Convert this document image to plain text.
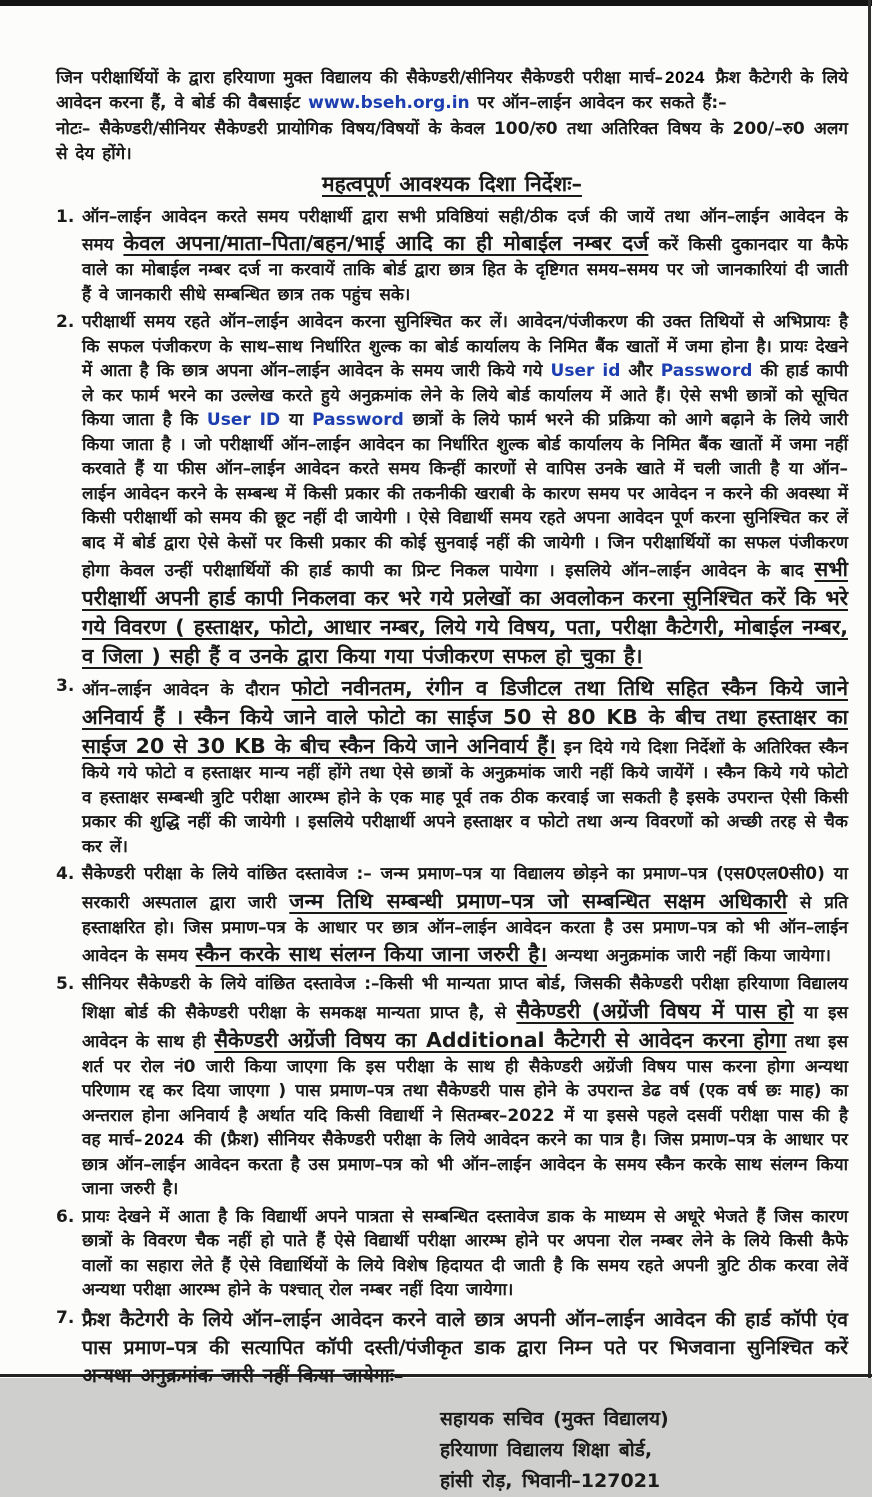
जिन परीक्षार्थियों के द्वारा हरियाणा मुक्त विद्यालय की सैकेण्डरी/सीनियर सैकेण्डरी परीक्षा मार्च– 2024 फ्रैश कैटेगरी के लिये आवेदन करना हैं, वे बोर्ड की वैबसाईट www.bseh.org.in पर ऑन–लाईन आवेदन कर सकते हैं:–

नोटः– सैकेण्डरी/सीनियर सैकेण्डरी प्रायोगिक विषय/विषयों के केवल 100/रु0 तथा अतिरिक्त विषय के 200/–रु0 अलग से देय होंगे।

महत्वपूर्ण आवश्यक दिशा निर्देशः–
1. ऑन–लाईन आवेदन करते समय परीक्षार्थी द्वारा सभी प्रविष्ठियां सही/ठीक दर्ज की जायें तथा ऑन–लाईन आवेदन के समय केवल अपना/माता–पिता/बहन/भाई आदि का ही मोबाईल नम्बर दर्ज करें किसी दुकानदार या कैफे वाले का मोबाईल नम्बर दर्ज ना करवायें ताकि बोर्ड द्वारा छात्र हित के दृष्टिगत समय–समय पर जो जानकारियां दी जाती हैं वे जानकारी सीधे सम्बन्धित छात्र तक पहुंच सके।
2. परीक्षार्थी समय रहते ऑन–लाईन आवेदन करना सुनिश्चित कर लें। आवेदन/पंजीकरण की उक्त तिथियों से अभिप्रायः है कि सफल पंजीकरण के साथ–साथ निर्धारित शुल्क का बोर्ड कार्यालय के निमित बैंक खातों में जमा होना है। प्रायः देखने में आता है कि छात्र अपना ऑन–लाईन आवेदन के समय जारी किये गये User id और Password की हार्ड कापी ले कर फार्म भरने का उल्लेख करते हुये अनुक्रमांक लेने के लिये बोर्ड कार्यालय में आते हैं। ऐसे सभी छात्रों को सूचित किया जाता है कि User ID या Password छात्रों के लिये फार्म भरने की प्रक्रिया को आगे बढ़ाने के लिये जारी किया जाता है । जो परीक्षार्थी ऑन–लाईन आवेदन का निर्धारित शुल्क बोर्ड कार्यालय के निमित बैंक खातों में जमा नहीं करवाते हैं या फीस ऑन–लाईन आवेदन करते समय किन्हीं कारणों से वापिस उनके खाते में चली जाती है या ऑन–लाईन आवेदन करने के सम्बन्ध में किसी प्रकार की तकनीकी खराबी के कारण समय पर आवेदन न करने की अवस्था में किसी परीक्षार्थी को समय की छूट नहीं दी जायेगी । ऐसे विद्यार्थी समय रहते अपना आवेदन पूर्ण करना सुनिश्चित कर लें बाद में बोर्ड द्वारा ऐसे केसों पर किसी प्रकार की कोई सुनवाई नहीं की जायेगी । जिन परीक्षार्थियों का सफल पंजीकरण होगा केवल उन्हीं परीक्षार्थियों की हार्ड कापी का प्रिन्ट निकल पायेगा । इसलिये ऑन–लाईन आवेदन के बाद सभी परीक्षार्थी अपनी हार्ड कापी निकलवा कर भरे गये प्रलेखों का अवलोकन करना सुनिश्चित करें कि भरे गये विवरण ( हस्ताक्षर, फोटो, आधार नम्बर, लिये गये विषय, पता, परीक्षा कैटेगरी, मोबाईल नम्बर, व जिला ) सही हैं व उनके द्वारा किया गया पंजीकरण सफल हो चुका है।
3. ऑन–लाईन आवेदन के दौरान फोटो नवीनतम, रंगीन व डिजीटल तथा तिथि सहित स्कैन किये जाने अनिवार्य हैं । स्कैन किये जाने वाले फोटो का साईज 50 से 80 KB के बीच तथा हस्ताक्षर का साईज 20 से 30 KB के बीच स्कैन किये जाने अनिवार्य हैं। इन दिये गये दिशा निर्देशों के अतिरिक्त स्कैन किये गये फोटो व हस्ताक्षर मान्य नहीं होंगे तथा ऐसे छात्रों के अनुक्रमांक जारी नहीं किये जायेंगें । स्कैन किये गये फोटो व हस्ताक्षर सम्बन्धी त्रुटि परीक्षा आरम्भ होने के एक माह पूर्व तक ठीक करवाई जा सकती है इसके उपरान्त ऐसी किसी प्रकार की शुद्धि नहीं की जायेगी । इसलिये परीक्षार्थी अपने हस्ताक्षर व फोटो तथा अन्य विवरणों को अच्छी तरह से चैक कर लें।
4. सैकेण्डरी परीक्षा के लिये वांछित दस्तावेज :– जन्म प्रमाण–पत्र या विद्यालय छोड़ने का प्रमाण–पत्र (एस0एल0सी0) या सरकारी अस्पताल द्वारा जारी जन्म तिथि सम्बन्धी प्रमाण–पत्र जो सम्बन्धित सक्षम अधिकारी से प्रति हस्ताक्षरित हो। जिस प्रमाण–पत्र के आधार पर छात्र ऑन–लाईन आवेदन करता है उस प्रमाण–पत्र को भी ऑन–लाईन आवेदन के समय स्कैन करके साथ संलग्न किया जाना जरुरी है। अन्यथा अनुक्रमांक जारी नहीं किया जायेगा।
5. सीनियर सैकेण्डरी के लिये वांछित दस्तावेज :–किसी भी मान्यता प्राप्त बोर्ड, जिसकी सैकेण्डरी परीक्षा हरियाणा विद्यालय शिक्षा बोर्ड की सैकेण्डरी परीक्षा के समकक्ष मान्यता प्राप्त है, से सैकेण्डरी (अग्रेंजी विषय में पास हो या इस आवेदन के साथ ही सैकेण्डरी अग्रेंजी विषय का Additional कैटेगरी से आवेदन करना होगा तथा इस शर्त पर रोल नं0 जारी किया जाएगा कि इस परीक्षा के साथ ही सैकेण्डरी अग्रेंजी विषय पास करना होगा अन्यथा परिणाम रद्द कर दिया जाएगा ) पास प्रमाण–पत्र तथा सैकेण्डरी पास होने के उपरान्त डेढ वर्ष (एक वर्ष छः माह) का अन्तराल होना अनिवार्य है अर्थात यदि किसी विद्यार्थी ने सितम्बर–2022 में या इससे पहले दसवीं परीक्षा पास की है वह मार्च– 2024 की (फ्रैश) सीनियर सैकेण्डरी परीक्षा के लिये आवेदन करने का पात्र है। जिस प्रमाण–पत्र के आधार पर छात्र ऑन–लाईन आवेदन करता है उस प्रमाण–पत्र को भी ऑन–लाईन आवेदन के समय स्कैन करके साथ संलग्न किया जाना जरुरी है।
6. प्रायः देखने में आता है कि विद्यार्थी अपने पात्रता से सम्बन्धित दस्तावेज डाक के माध्यम से अधूरे भेजते हैं जिस कारण छात्रों के विवरण चैक नहीं हो पाते हैं ऐसे विद्यार्थी परीक्षा आरम्भ होने पर अपना रोल नम्बर लेने के लिये किसी कैफे वालों का सहारा लेते हैं ऐसे विद्यार्थियों के लिये विशेष हिदायत दी जाती है कि समय रहते अपनी त्रुटि ठीक करवा लेवें अन्यथा परीक्षा आरम्भ होने के पश्चात् रोल नम्बर नहीं दिया जायेगा।
7. फ्रैश कैटेगरी के लिये ऑन–लाईन आवेदन करने वाले छात्र अपनी ऑन–लाईन आवेदन की हार्ड कॉपी एंव पास प्रमाण–पत्र की सत्यापित कॉपी दस्ती/पंजीकृत डाक द्वारा निम्न पते पर भिजवाना सुनिश्चित करें अन्यथा अनुक्रमांक जारी नहीं किया जायेगाः–
सहायक सचिव (मुक्त विद्यालय)
हरियाणा विद्यालय शिक्षा बोर्ड,
हांसी रोड़, भिवानी–127021
